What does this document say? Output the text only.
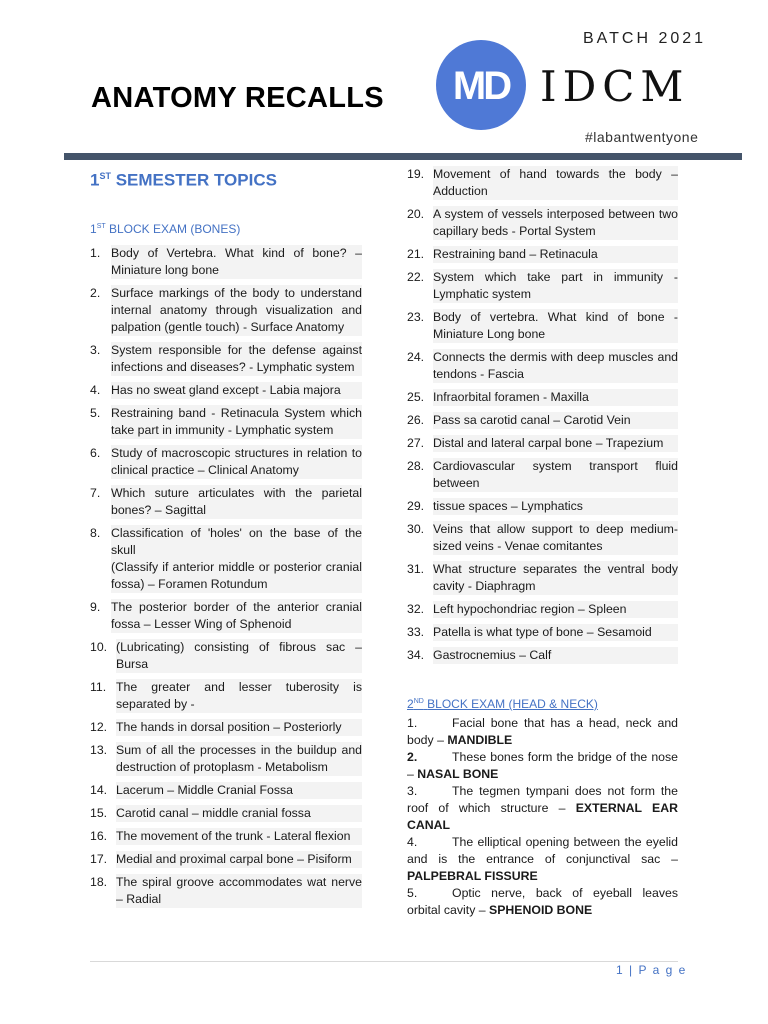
ANATOMY RECALLS	MD
BATCH 2021
IDCM
#labantwentyone
1ST SEMESTER TOPICS
1ST BLOCK EXAM (BONES)
1. Body of Vertebra. What kind of bone? – Miniature long bone
2. Surface markings of the body to understand internal anatomy through visualization and palpation (gentle touch) - Surface Anatomy
3. System responsible for the defense against infections and diseases? - Lymphatic system
4. Has no sweat gland except - Labia majora
5. Restraining band - Retinacula System which take part in immunity - Lymphatic system
6. Study of macroscopic structures in relation to clinical practice – Clinical Anatomy
7. Which suture articulates with the parietal bones? – Sagittal
8. Classification of 'holes' on the base of the skull
(Classify if anterior middle or posterior cranial fossa) – Foramen Rotundum
9. The posterior border of the anterior cranial fossa – Lesser Wing of Sphenoid
10. (Lubricating) consisting of fibrous sac – Bursa
11. The greater and lesser tuberosity is separated by -
12. The hands in dorsal position – Posteriorly
13. Sum of all the processes in the buildup and destruction of protoplasm - Metabolism
14. Lacerum – Middle Cranial Fossa
15. Carotid canal – middle cranial fossa
16. The movement of the trunk - Lateral flexion
17. Medial and proximal carpal bone – Pisiform
18. The spiral groove accommodates wat nerve – Radial
19. Movement of hand towards the body – Adduction
20. A system of vessels interposed between two capillary beds - Portal System
21. Restraining band – Retinacula
22. System which take part in immunity - Lymphatic system
23. Body of vertebra. What kind of bone - Miniature Long bone
24. Connects the dermis with deep muscles and tendons - Fascia
25. Infraorbital foramen - Maxilla
26. Pass sa carotid canal – Carotid Vein
27. Distal and lateral carpal bone – Trapezium
28. Cardiovascular system transport fluid between
29. tissue spaces – Lymphatics
30. Veins that allow support to deep medium-sized veins - Venae comitantes
31. What structure separates the ventral body cavity - Diaphragm
32. Left hypochondriac region – Spleen
33. Patella is what type of bone – Sesamoid
34. Gastrocnemius – Calf
2ND BLOCK EXAM (HEAD & NECK)
1.	Facial bone that has a head, neck and body – MANDIBLE
2.	These bones form the bridge of the nose – NASAL BONE
3.	The tegmen tympani does not form the roof of which structure – EXTERNAL EAR CANAL
4.	The elliptical opening between the eyelid and is the entrance of conjunctival sac – PALPEBRAL FISSURE
5.	Optic nerve, back of eyeball leaves orbital cavity – SPHENOID BONE
1 | P a g e
